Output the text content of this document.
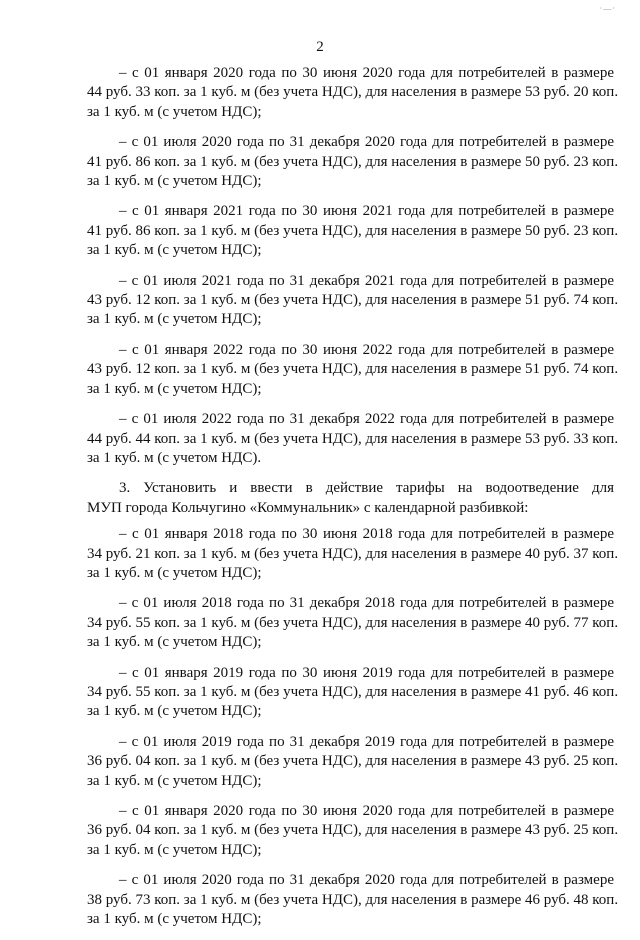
·—·
2
– с 01 января 2020 года по 30 июня 2020 года для потребителей в размере
44 руб. 33 коп. за 1 куб. м (без учета НДС), для населения в размере 53 руб. 20 коп.
за 1 куб. м (с учетом НДС);
– с 01 июля 2020 года по 31 декабря 2020 года для потребителей в размере
41 руб. 86 коп. за 1 куб. м (без учета НДС), для населения в размере 50 руб. 23 коп.
за 1 куб. м (с учетом НДС);
– с 01 января 2021 года по 30 июня 2021 года для потребителей в размере
41 руб. 86 коп. за 1 куб. м (без учета НДС), для населения в размере 50 руб. 23 коп.
за 1 куб. м (с учетом НДС);
– с 01 июля 2021 года по 31 декабря 2021 года для потребителей в размере
43 руб. 12 коп. за 1 куб. м (без учета НДС), для населения в размере 51 руб. 74 коп.
за 1 куб. м (с учетом НДС);
– с 01 января 2022 года по 30 июня 2022 года для потребителей в размере
43 руб. 12 коп. за 1 куб. м (без учета НДС), для населения в размере 51 руб. 74 коп.
за 1 куб. м (с учетом НДС);
– с 01 июля 2022 года по 31 декабря 2022 года для потребителей в размере
44 руб. 44 коп. за 1 куб. м (без учета НДС), для населения в размере 53 руб. 33 коп.
за 1 куб. м (с учетом НДС).
3. Установить и ввести в действие тарифы на водоотведение для
МУП города Кольчугино «Коммунальник» с календарной разбивкой:
– с 01 января 2018 года по 30 июня 2018 года для потребителей в размере
34 руб. 21 коп. за 1 куб. м (без учета НДС), для населения в размере 40 руб. 37 коп.
за 1 куб. м (с учетом НДС);
– с 01 июля 2018 года по 31 декабря 2018 года для потребителей в размере
34 руб. 55 коп. за 1 куб. м (без учета НДС), для населения в размере 40 руб. 77 коп.
за 1 куб. м (с учетом НДС);
– с 01 января 2019 года по 30 июня 2019 года для потребителей в размере
34 руб. 55 коп. за 1 куб. м (без учета НДС), для населения в размере 41 руб. 46 коп.
за 1 куб. м (с учетом НДС);
– с 01 июля 2019 года по 31 декабря 2019 года для потребителей в размере
36 руб. 04 коп. за 1 куб. м (без учета НДС), для населения в размере 43 руб. 25 коп.
за 1 куб. м (с учетом НДС);
– с 01 января 2020 года по 30 июня 2020 года для потребителей в размере
36 руб. 04 коп. за 1 куб. м (без учета НДС), для населения в размере 43 руб. 25 коп.
за 1 куб. м (с учетом НДС);
– с 01 июля 2020 года по 31 декабря 2020 года для потребителей в размере
38 руб. 73 коп. за 1 куб. м (без учета НДС), для населения в размере 46 руб. 48 коп.
за 1 куб. м (с учетом НДС);
